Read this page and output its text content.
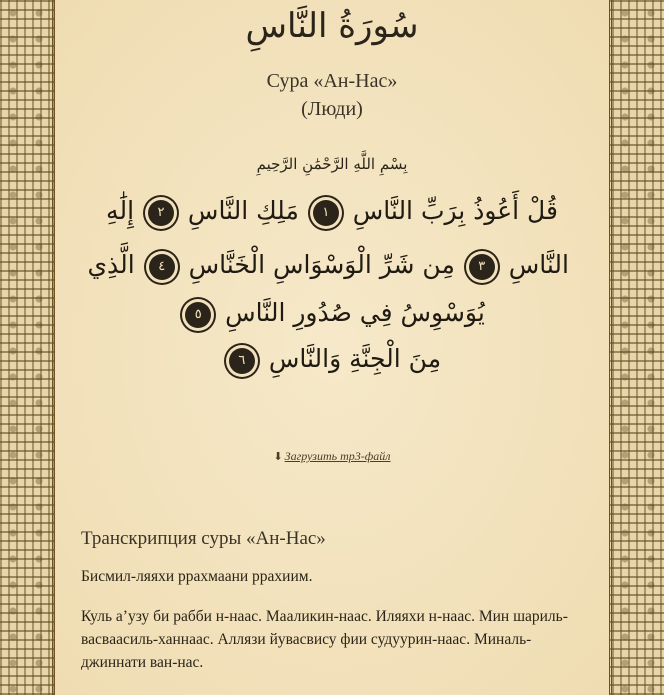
سُورَةُ النَّاسِ
Сура «Ан-Нас»
(Люди)
بِسْمِ اللَّهِ الرَّحْمَٰنِ الرَّحِيمِ
قُلْ أَعُوذُ بِرَبِّ النَّاسِ ١ مَلِكِ النَّاسِ ٢ إِلَٰهِ
النَّاسِ ٣ مِن شَرِّ الْوَسْوَاسِ الْخَنَّاسِ ٤ الَّذِي
يُوَسْوِسُ فِي صُدُورِ النَّاسِ ٥
مِنَ الْجِنَّةِ وَالنَّاسِ ٦
⬇ Загрузить mp3-файл
Транскрипция суры «Ан-Нас»
Бисмил-ляяхи ррахмаани ррахиим.
Куль а’узу би рабби н-наас. Мааликин-наас. Иляяхи н-наас. Мин шариль-васвaасиль-ханнаас. Аллязи йувасвису фии судуурин-наас. Миналь-джиннати ван-нас.
